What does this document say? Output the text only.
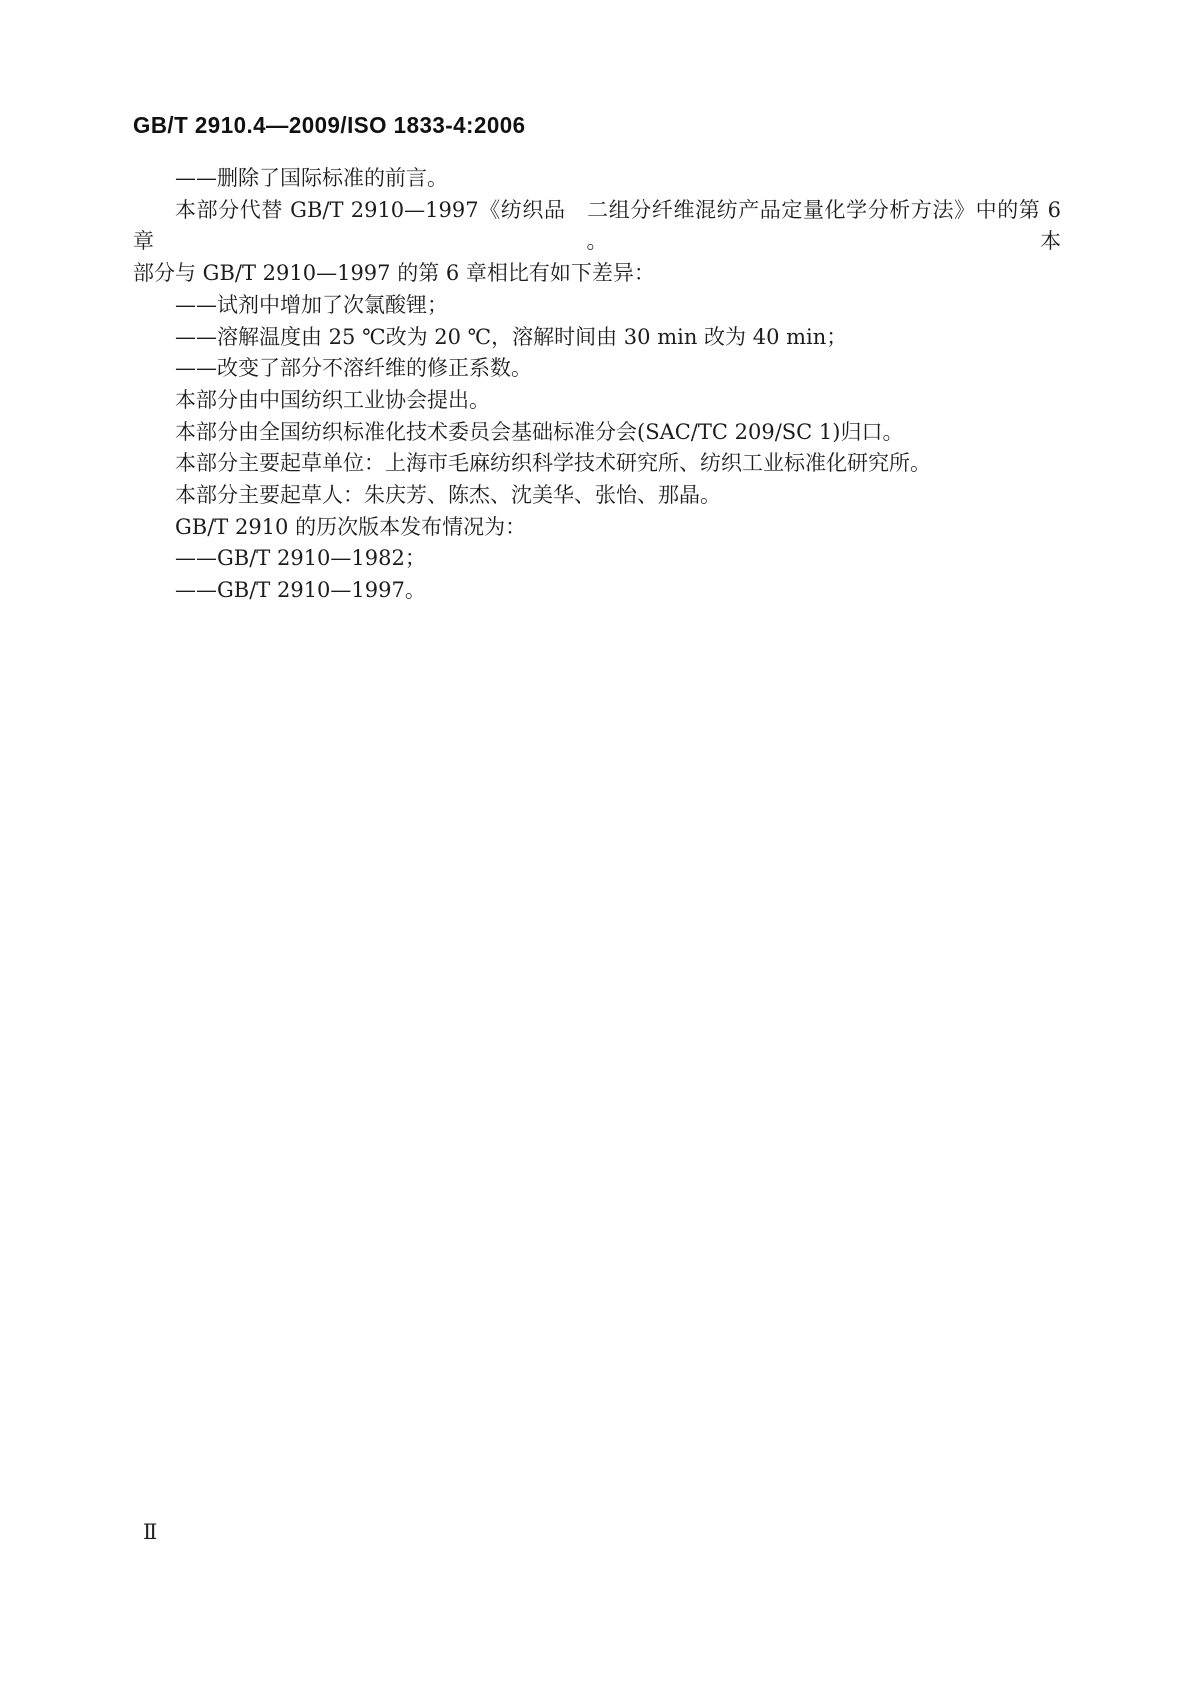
GB/T 2910.4—2009/ISO 1833-4:2006
——删除了国际标准的前言。
本部分代替 GB/T 2910—1997《纺织品　二组分纤维混纺产品定量化学分析方法》中的第 6 章。本
部分与 GB/T 2910—1997 的第 6 章相比有如下差异：
——试剂中增加了次氯酸锂；
——溶解温度由 25 ℃改为 20 ℃，溶解时间由 30 min 改为 40 min；
——改变了部分不溶纤维的修正系数。
本部分由中国纺织工业协会提出。
本部分由全国纺织标准化技术委员会基础标准分会(SAC/TC 209/SC 1)归口。
本部分主要起草单位：上海市毛麻纺织科学技术研究所、纺织工业标准化研究所。
本部分主要起草人：朱庆芳、陈杰、沈美华、张怡、那晶。
GB/T 2910 的历次版本发布情况为：
——GB/T 2910—1982；
——GB/T 2910—1997。
Ⅱ
